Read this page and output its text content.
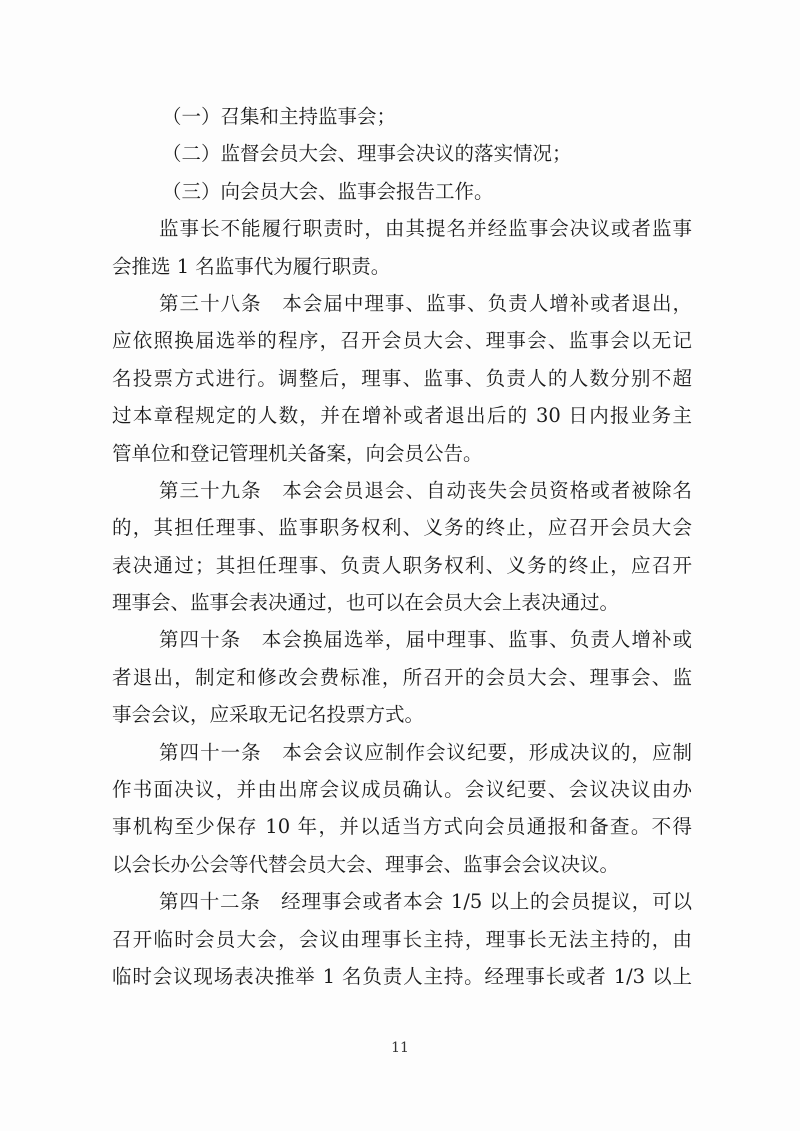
（一）召集和主持监事会；
（二）监督会员大会、理事会决议的落实情况；
（三）向会员大会、监事会报告工作。
监事长不能履行职责时，由其提名并经监事会决议或者监事
会推选 1 名监事代为履行职责。
第三十八条　本会届中理事、监事、负责人增补或者退出，
应依照换届选举的程序，召开会员大会、理事会、监事会以无记
名投票方式进行。调整后，理事、监事、负责人的人数分别不超
过本章程规定的人数，并在增补或者退出后的 30 日内报业务主
管单位和登记管理机关备案，向会员公告。
第三十九条　本会会员退会、自动丧失会员资格或者被除名
的，其担任理事、监事职务权利、义务的终止，应召开会员大会
表决通过；其担任理事、负责人职务权利、义务的终止，应召开
理事会、监事会表决通过，也可以在会员大会上表决通过。
第四十条　本会换届选举，届中理事、监事、负责人增补或
者退出，制定和修改会费标准，所召开的会员大会、理事会、监
事会会议，应采取无记名投票方式。
第四十一条　本会会议应制作会议纪要，形成决议的，应制
作书面决议，并由出席会议成员确认。会议纪要、会议决议由办
事机构至少保存 10 年，并以适当方式向会员通报和备查。不得
以会长办公会等代替会员大会、理事会、监事会会议决议。
第四十二条　经理事会或者本会 1/5 以上的会员提议，可以
召开临时会员大会，会议由理事长主持，理事长无法主持的，由
临时会议现场表决推举 1 名负责人主持。经理事长或者 1/3 以上
11
